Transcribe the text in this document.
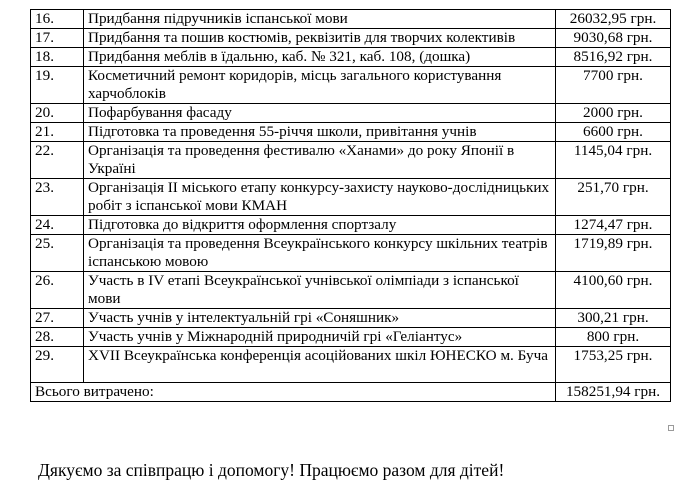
16.	Придбання підручників іспанської мови	26032,95 грн.
17.	Придбання та пошив костюмів, реквізитів для творчих колективів	9030,68 грн.
18.	Придбання меблів в їдальню, каб. № 321, каб. 108, (дошка)	8516,92 грн.
19.	Косметичний ремонт коридорів, місць загального користування харчоблоків	7700 грн.
20.	Пофарбування фасаду	2000 грн.
21.	Підготовка та проведення 55-річчя школи, привітання учнів	6600 грн.
22.	Організація та проведення фестивалю «Ханами» до року Японії в Україні	1145,04 грн.
23.	Організація ІІ міського етапу конкурсу-захисту науково-дослідницьких робіт з іспанської мови КМАН	251,70 грн.
24.	Підготовка до відкриття оформлення спортзалу	1274,47 грн.
25.	Організація та проведення Всеукраїнського конкурсу шкільних театрів іспанською мовою	1719,89 грн.
26.	Участь в IV етапі Всеукраїнської учнівської олімпіади з іспанської мови	4100,60 грн.
27.	Участь учнів у інтелектуальній грі «Соняшник»	300,21 грн.
28.	Участь учнів у Міжнародній природничій грі «Геліантус»	800 грн.
29.	XVII Всеукраїнська конференція асоційованих шкіл ЮНЕСКО м. Буча	1753,25 грн.
Всього витрачено:		158251,94 грн.
Дякуємо за співпрацю і допомогу! Працюємо разом для дітей!
